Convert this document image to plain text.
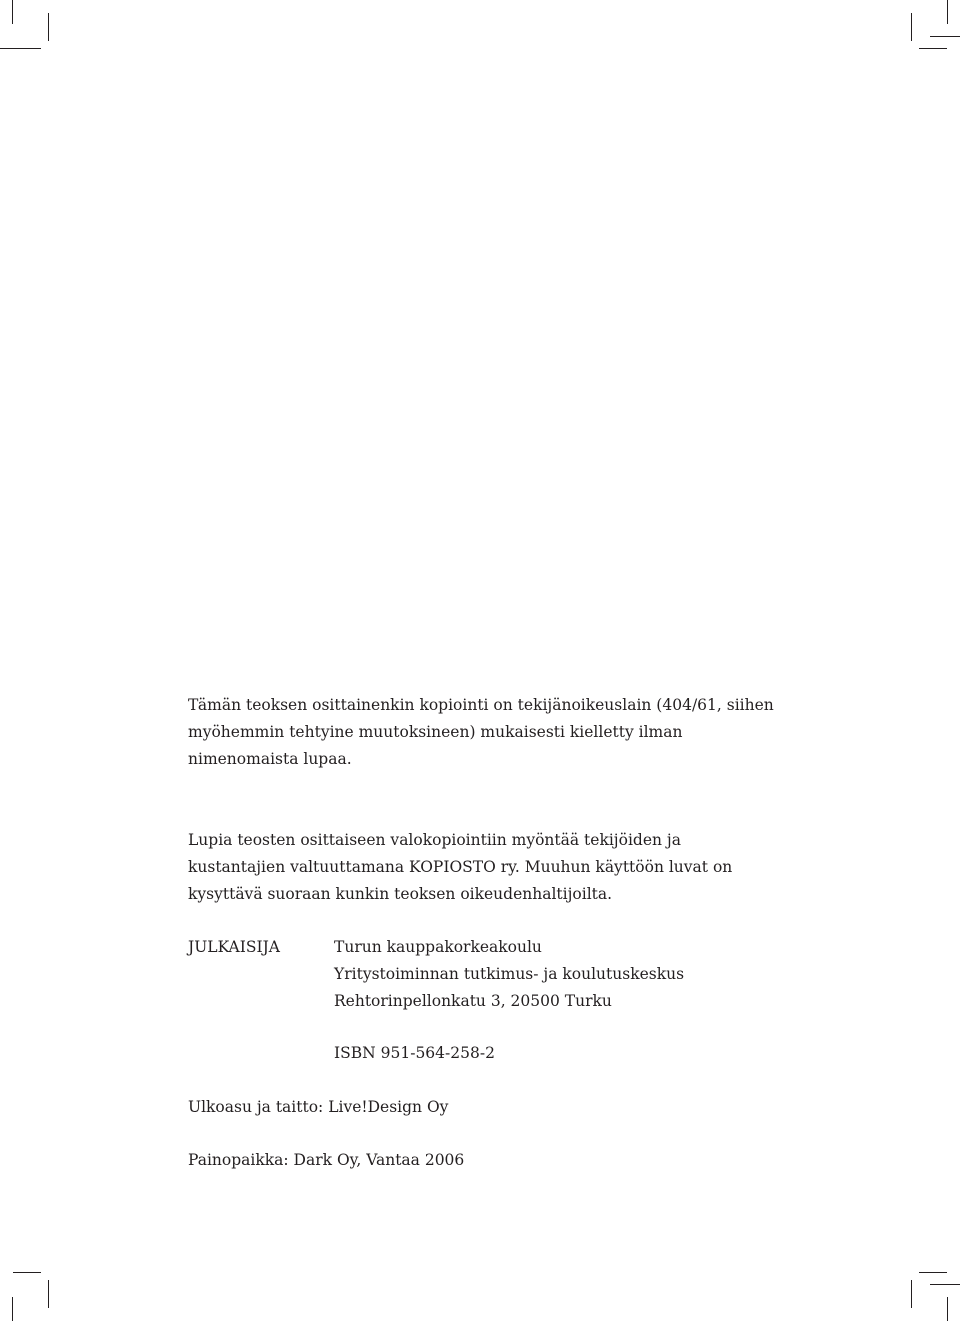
Tämän teoksen osittainenkin kopiointi on tekijänoikeuslain (404/61, siihen myöhemmin tehtyine muutoksineen) mukaisesti kielletty ilman nimenomaista lupaa.

Lupia teosten osittaiseen valokopiointiin myöntää tekijöiden ja kustantajien valtuuttamana KOPIOSTO ry. Muuhun käyttöön luvat on kysyttävä suoraan kunkin teoksen oikeudenhaltijoilta.

JULKAISIJA	Turun kauppakorkeakoulu
Yritystoiminnan tutkimus- ja koulutuskeskus
Rehtorinpellonkatu 3, 20500 Turku
ISBN 951-564-258-2
Ulkoasu ja taitto: Live!Design Oy
Painopaikka: Dark Oy, Vantaa 2006
